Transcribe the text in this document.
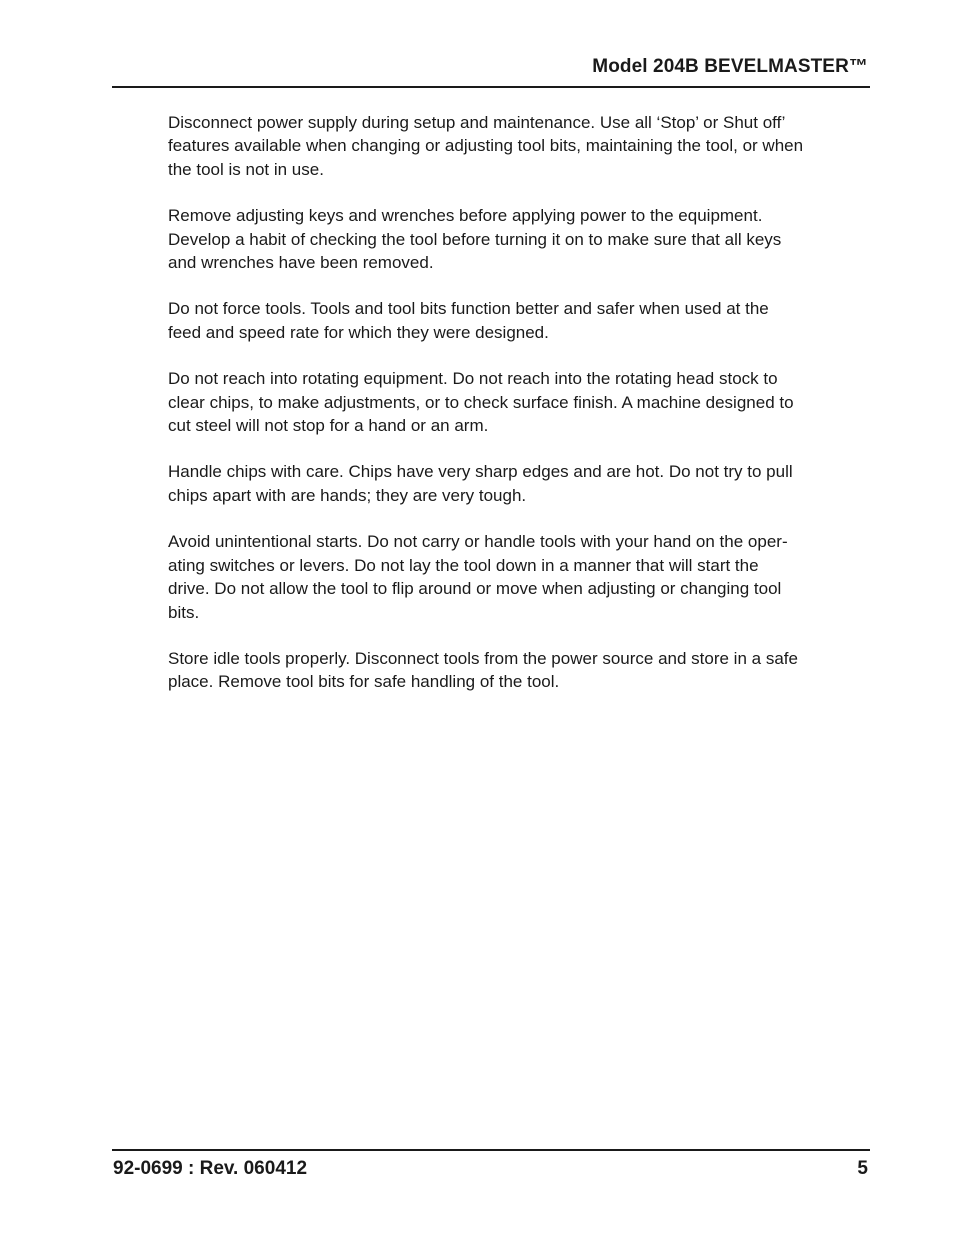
Model 204B BEVELMASTER™

Disconnect power supply during setup and maintenance. Use all ‘Stop’ or Shut off’
features available when changing or adjusting tool bits, maintaining the tool, or when
the tool is not in use.

Remove adjusting keys and wrenches before applying power to the equipment.
Develop a habit of checking the tool before turning it on to make sure that all keys
and wrenches have been removed.

Do not force tools. Tools and tool bits function better and safer when used at the
feed and speed rate for which they were designed.

Do not reach into rotating equipment. Do not reach into the rotating head stock to
clear chips, to make adjustments, or to check surface finish. A machine designed to
cut steel will not stop for a hand or an arm.

Handle chips with care. Chips have very sharp edges and are hot. Do not try to pull
chips apart with are hands; they are very tough.

Avoid unintentional starts. Do not carry or handle tools with your hand on the oper-
ating switches or levers. Do not lay the tool down in a manner that will start the
drive. Do not allow the tool to flip around or move when adjusting or changing tool
bits.

Store idle tools properly. Disconnect tools from the power source and store in a safe
place. Remove tool bits for safe handling of the tool.

92-0699 : Rev. 060412	5
